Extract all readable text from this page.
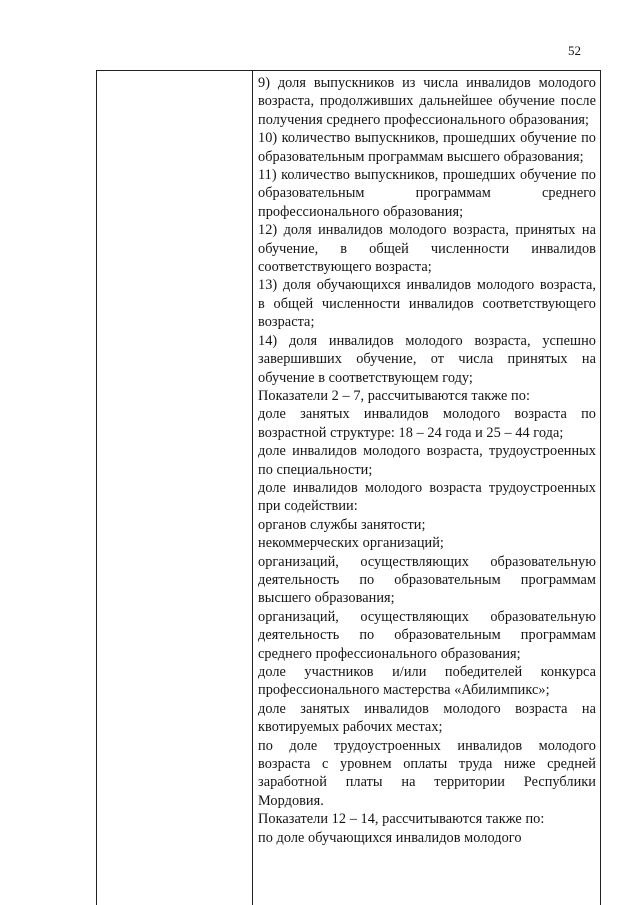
52

9) доля выпускников из числа инвалидов молодого возраста, продолживших дальнейшее обучение после получения среднего профессионального образования;

10) количество выпускников, прошедших обучение по образовательным программам высшего образования;

11) количество выпускников, прошедших обучение по образовательным программам среднего профессионального образования;

12) доля инвалидов молодого возраста, принятых на обучение, в общей численности инвалидов соответствующего возраста;

13) доля обучающихся инвалидов молодого возраста, в общей численности инвалидов соответствующего возраста;

14) доля инвалидов молодого возраста, успешно завершивших обучение, от числа принятых на обучение в соответствующем году;

Показатели 2 – 7, рассчитываются также по:

доле занятых инвалидов молодого возраста по возрастной структуре: 18 – 24 года и 25 – 44 года;

доле инвалидов молодого возраста, трудоустроенных по специальности;

доле инвалидов молодого возраста трудоустроенных при содействии:

органов службы занятости;

некоммерческих организаций;

организаций, осуществляющих образовательную деятельность по образовательным программам высшего образования;

организаций, осуществляющих образовательную деятельность по образовательным программам среднего профессионального образования;

доле участников и/или победителей конкурса профессионального мастерства «Абилимпикс»;

доле занятых инвалидов молодого возраста на квотируемых рабочих местах;

по доле трудоустроенных инвалидов молодого возраста с уровнем оплаты труда ниже средней заработной платы на территории Республики Мордовия.

Показатели 12 – 14, рассчитываются также по:

по доле обучающихся инвалидов молодого
